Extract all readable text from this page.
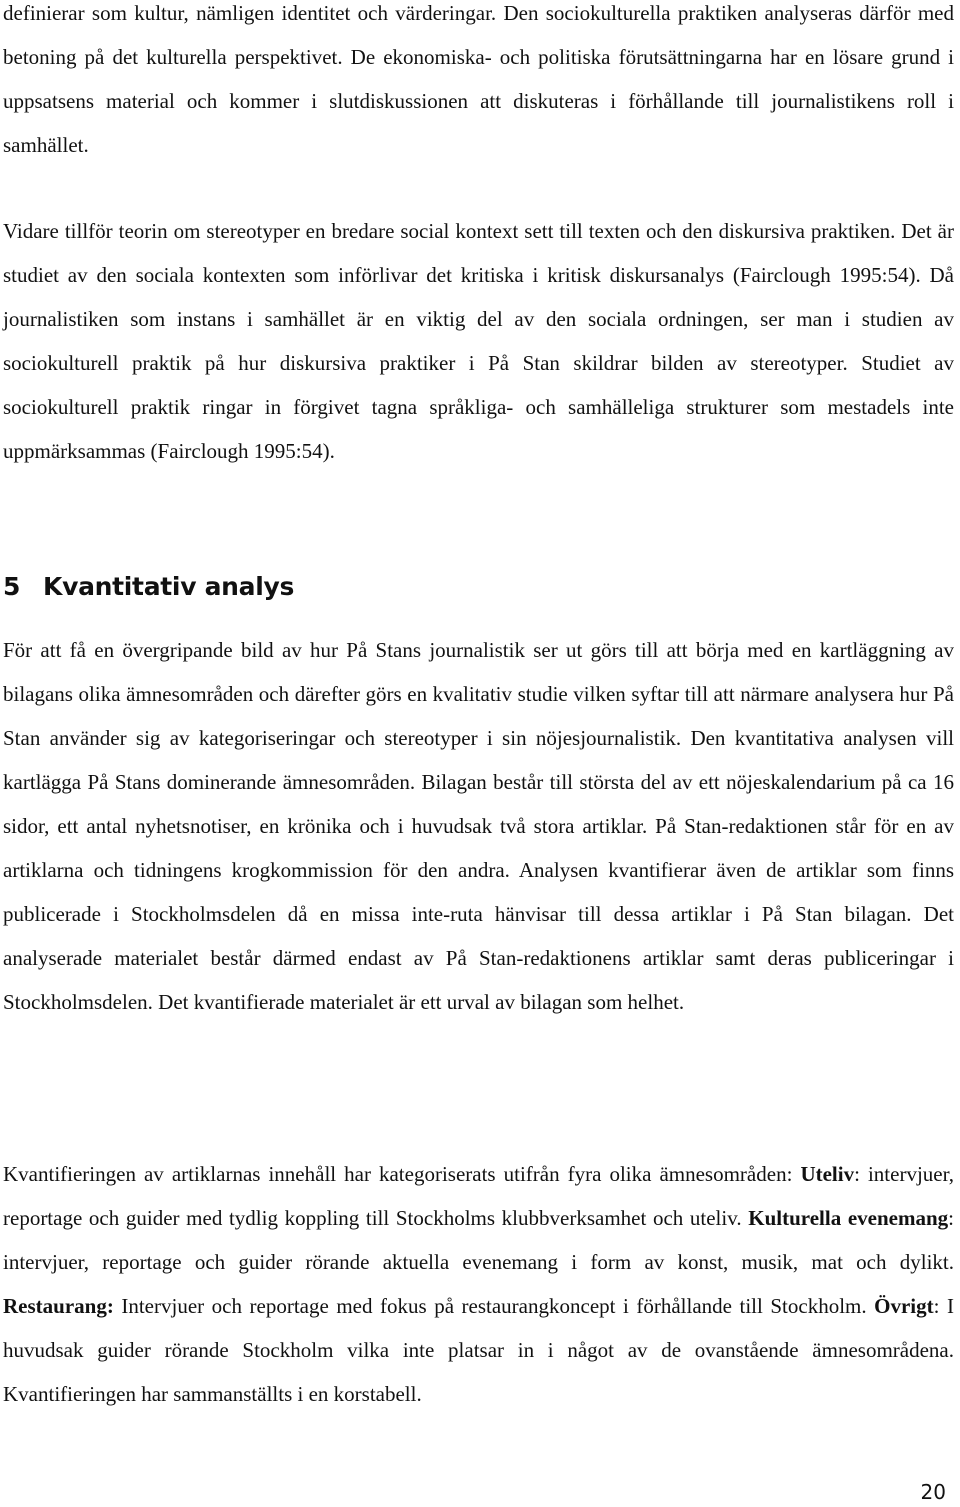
definierar som kultur, nämligen identitet och värderingar. Den sociokulturella praktiken analyseras därför med betoning på det kulturella perspektivet. De ekonomiska- och politiska förutsättningarna har en lösare grund i uppsatsens material och kommer i slutdiskussionen att diskuteras i förhållande till journalistikens roll i samhället.

Vidare tillför teorin om stereotyper en bredare social kontext sett till texten och den diskursiva praktiken. Det är studiet av den sociala kontexten som införlivar det kritiska i kritisk diskursanalys (Fairclough 1995:54). Då journalistiken som instans i samhället är en viktig del av den sociala ordningen, ser man i studien av sociokulturell praktik på hur diskursiva praktiker i På Stan skildrar bilden av stereotyper. Studiet av sociokulturell praktik ringar in förgivet tagna språkliga- och samhälleliga strukturer som mestadels inte uppmärksammas (Fairclough 1995:54).

5 Kvantitativ analys

För att få en övergripande bild av hur På Stans journalistik ser ut görs till att börja med en kartläggning av bilagans olika ämnesområden och därefter görs en kvalitativ studie vilken syftar till att närmare analysera hur På Stan använder sig av kategoriseringar och stereotyper i sin nöjesjournalistik. Den kvantitativa analysen vill kartlägga På Stans dominerande ämnesområden. Bilagan består till största del av ett nöjeskalendarium på ca 16 sidor, ett antal nyhetsnotiser, en krönika och i huvudsak två stora artiklar. På Stan-redaktionen står för en av artiklarna och tidningens krogkommission för den andra. Analysen kvantifierar även de artiklar som finns publicerade i Stockholmsdelen då en missa inte-ruta hänvisar till dessa artiklar i På Stan bilagan. Det analyserade materialet består därmed endast av På Stan-redaktionens artiklar samt deras publiceringar i Stockholmsdelen. Det kvantifierade materialet är ett urval av bilagan som helhet.

Kvantifieringen av artiklarnas innehåll har kategoriserats utifrån fyra olika ämnesområden: Uteliv: intervjuer, reportage och guider med tydlig koppling till Stockholms klubbverksamhet och uteliv. Kulturella evenemang: intervjuer, reportage och guider rörande aktuella evenemang i form av konst, musik, mat och dylikt. Restaurang: Intervjuer och reportage med fokus på restaurangkoncept i förhållande till Stockholm. Övrigt: I huvudsak guider rörande Stockholm vilka inte platsar in i något av de ovanstående ämnesområdena. Kvantifieringen har sammanställts i en korstabell.

20
